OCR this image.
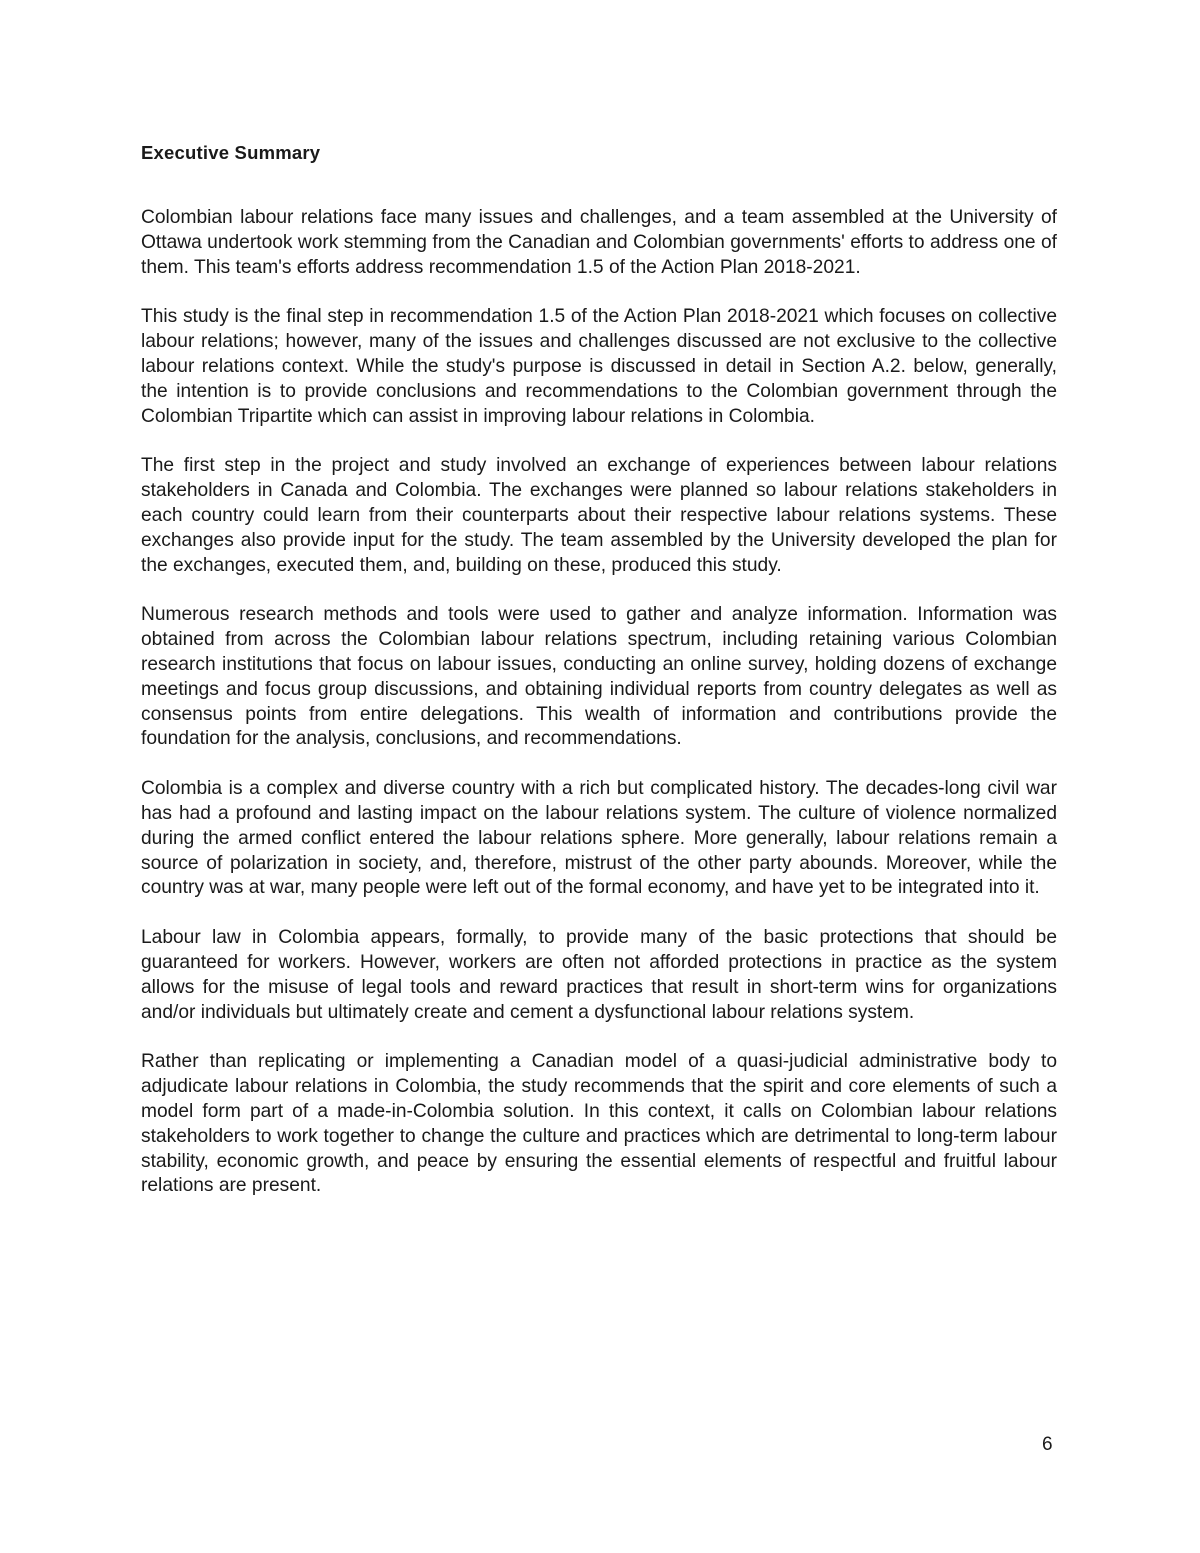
Executive Summary

Colombian labour relations face many issues and challenges, and a team assembled at the University of Ottawa undertook work stemming from the Canadian and Colombian governments' efforts to address one of them. This team's efforts address recommendation 1.5 of the Action Plan 2018-2021.

This study is the final step in recommendation 1.5 of the Action Plan 2018-2021 which focuses on collective labour relations; however, many of the issues and challenges discussed are not exclusive to the collective labour relations context. While the study's purpose is discussed in detail in Section A.2. below, generally, the intention is to provide conclusions and recommendations to the Colombian government through the Colombian Tripartite which can assist in improving labour relations in Colombia.

The first step in the project and study involved an exchange of experiences between labour relations stakeholders in Canada and Colombia. The exchanges were planned so labour relations stakeholders in each country could learn from their counterparts about their respective labour relations systems. These exchanges also provide input for the study. The team assembled by the University developed the plan for the exchanges, executed them, and, building on these, produced this study.

Numerous research methods and tools were used to gather and analyze information. Information was obtained from across the Colombian labour relations spectrum, including retaining various Colombian research institutions that focus on labour issues, conducting an online survey, holding dozens of exchange meetings and focus group discussions, and obtaining individual reports from country delegates as well as consensus points from entire delegations. This wealth of information and contributions provide the foundation for the analysis, conclusions, and recommendations.

Colombia is a complex and diverse country with a rich but complicated history. The decades-long civil war has had a profound and lasting impact on the labour relations system. The culture of violence normalized during the armed conflict entered the labour relations sphere. More generally, labour relations remain a source of polarization in society, and, therefore, mistrust of the other party abounds. Moreover, while the country was at war, many people were left out of the formal economy, and have yet to be integrated into it.

Labour law in Colombia appears, formally, to provide many of the basic protections that should be guaranteed for workers. However, workers are often not afforded protections in practice as the system allows for the misuse of legal tools and reward practices that result in short-term wins for organizations and/or individuals but ultimately create and cement a dysfunctional labour relations system.

Rather than replicating or implementing a Canadian model of a quasi-judicial administrative body to adjudicate labour relations in Colombia, the study recommends that the spirit and core elements of such a model form part of a made-in-Colombia solution. In this context, it calls on Colombian labour relations stakeholders to work together to change the culture and practices which are detrimental to long-term labour stability, economic growth, and peace by ensuring the essential elements of respectful and fruitful labour relations are present.

6
